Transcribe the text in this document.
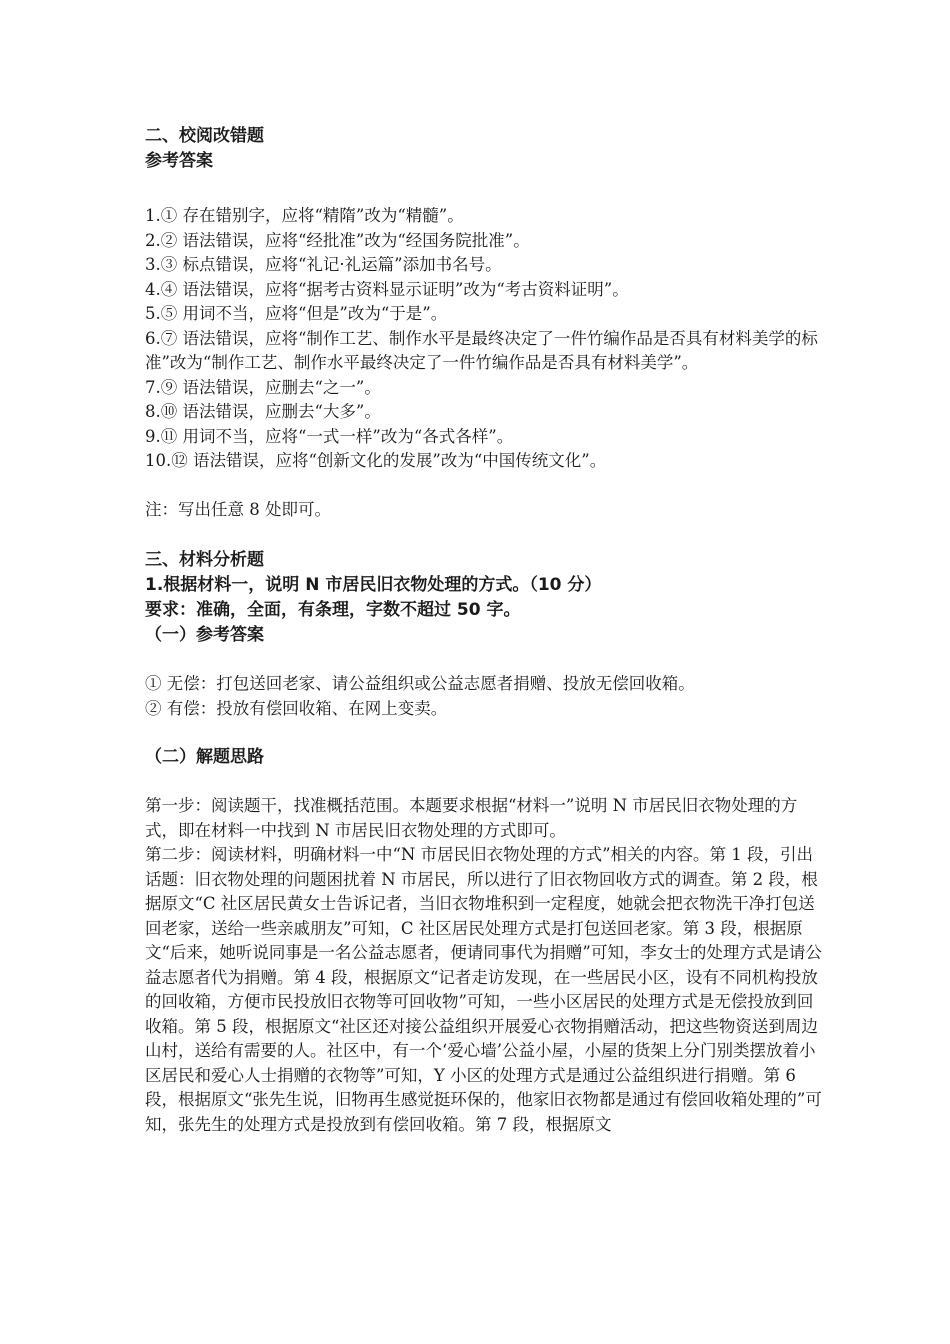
二、校阅改错题
参考答案
1.① 存在错别字，应将“精隋”改为“精髓”。
2.② 语法错误，应将“经批准”改为“经国务院批准”。
3.③ 标点错误，应将“礼记·礼运篇”添加书名号。
4.④ 语法错误，应将“据考古资料显示证明”改为“考古资料证明”。
5.⑤ 用词不当，应将“但是”改为“于是”。
6.⑦ 语法错误，应将“制作工艺、制作水平是最终决定了一件竹编作品是否具有材料美学的标准”改为“制作工艺、制作水平最终决定了一件竹编作品是否具有材料美学”。
7.⑨ 语法错误，应删去“之一”。
8.⑩ 语法错误，应删去“大多”。
9.⑪ 用词不当，应将“一式一样”改为“各式各样”。
10.⑫ 语法错误，应将“创新文化的发展”改为“中国传统文化”。
注：写出任意 8 处即可。
三、材料分析题
1.根据材料一，说明 N 市居民旧衣物处理的方式。（10 分）
要求：准确，全面，有条理，字数不超过 50 字。
（一）参考答案
① 无偿：打包送回老家、请公益组织或公益志愿者捐赠、投放无偿回收箱。
② 有偿：投放有偿回收箱、在网上变卖。
（二）解题思路
第一步：阅读题干，找准概括范围。本题要求根据“材料一”说明 N 市居民旧衣物处理的方式，即在材料一中找到 N 市居民旧衣物处理的方式即可。
第二步：阅读材料，明确材料一中“N 市居民旧衣物处理的方式”相关的内容。第 1 段，引出话题：旧衣物处理的问题困扰着 N 市居民，所以进行了旧衣物回收方式的调查。第 2 段，根据原文“C 社区居民黄女士告诉记者，当旧衣物堆积到一定程度，她就会把衣物洗干净打包送回老家，送给一些亲戚朋友”可知，C 社区居民处理方式是打包送回老家。第 3 段，根据原文“后来，她听说同事是一名公益志愿者，便请同事代为捐赠”可知，李女士的处理方式是请公益志愿者代为捐赠。第 4 段，根据原文“记者走访发现，在一些居民小区，设有不同机构投放的回收箱，方便市民投放旧衣物等可回收物”可知，一些小区居民的处理方式是无偿投放到回收箱。第 5 段，根据原文“社区还对接公益组织开展爱心衣物捐赠活动，把这些物资送到周边山村，送给有需要的人。社区中，有一个‘爱心墙’公益小屋，小屋的货架上分门别类摆放着小区居民和爱心人士捐赠的衣物等”可知，Y 小区的处理方式是通过公益组织进行捐赠。第 6 段，根据原文“张先生说，旧物再生感觉挺环保的，他家旧衣物都是通过有偿回收箱处理的”可知，张先生的处理方式是投放到有偿回收箱。第 7 段，根据原文
